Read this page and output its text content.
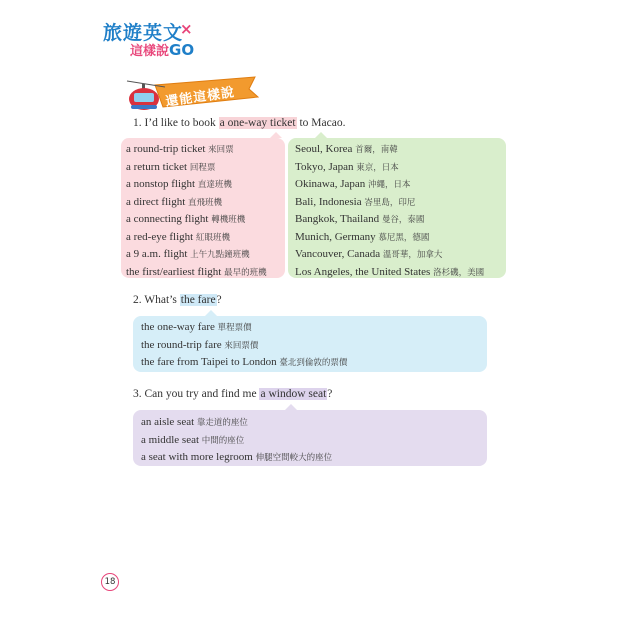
旅遊英文
×
這樣說GO
還能這樣說
1. I’d like to book a one-way ticket to Macao.
a round-trip ticket 來回票
a return ticket 回程票
a nonstop flight 直達班機
a direct flight 直飛班機
a connecting flight 轉機班機
a red-eye flight 紅眼班機
a 9 a.m. flight 上午九點鐘班機
the first/earliest flight 最早的班機
Seoul, Korea 首爾，南韓
Tokyo, Japan 東京，日本
Okinawa, Japan 沖繩，日本
Bali, Indonesia 峇里島，印尼
Bangkok, Thailand 曼谷，泰國
Munich, Germany 慕尼黑，德國
Vancouver, Canada 溫哥華，加拿大
Los Angeles, the United States 洛杉磯，美國
2. What’s the fare?
the one-way fare 單程票價
the round-trip fare 來回票價
the fare from Taipei to London 臺北到倫敦的票價
3. Can you try and find me a window seat?
an aisle seat 靠走道的座位
a middle seat 中間的座位
a seat with more legroom 伸腿空間較大的座位
18
